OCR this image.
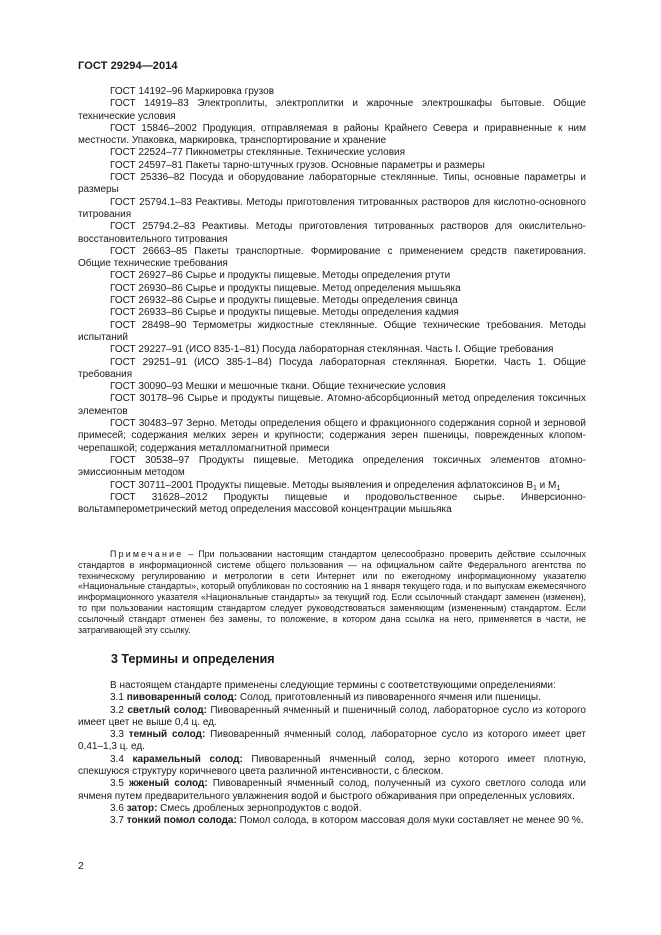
ГОСТ 29294—2014

ГОСТ 14192–96 Маркировка грузов

ГОСТ 14919–83 Электроплиты, электроплитки и жарочные электрошкафы бытовые. Общие технические условия

ГОСТ 15846–2002 Продукция, отправляемая в районы Крайнего Севера и приравненные к ним местности. Упаковка, маркировка, транспортирование и хранение

ГОСТ 22524–77 Пикнометры стеклянные. Технические условия

ГОСТ 24597–81 Пакеты тарно-штучных грузов. Основные параметры и размеры

ГОСТ 25336–82 Посуда и оборудование лабораторные стеклянные. Типы, основные параметры и размеры

ГОСТ 25794.1–83 Реактивы. Методы приготовления титрованных растворов для кислотно-основного титрования

ГОСТ 25794.2–83 Реактивы. Методы приготовления титрованных растворов для окислительно-восстановительного титрования

ГОСТ 26663–85 Пакеты транспортные. Формирование с применением средств пакетирования. Общие технические требования

ГОСТ 26927–86 Сырье и продукты пищевые. Методы определения ртути

ГОСТ 26930–86 Сырье и продукты пищевые. Метод определения мышьяка

ГОСТ 26932–86 Сырье и продукты пищевые. Методы определения свинца

ГОСТ 26933–86 Сырье и продукты пищевые. Методы определения кадмия

ГОСТ 28498–90 Термометры жидкостные стеклянные. Общие технические требования. Методы испытаний

ГОСТ 29227–91 (ИСО 835-1–81) Посуда лабораторная стеклянная. Часть I. Общие требования

ГОСТ 29251–91 (ИСО 385-1–84) Посуда лабораторная стеклянная. Бюретки. Часть 1. Общие требования

ГОСТ 30090–93 Мешки и мешочные ткани. Общие технические условия

ГОСТ 30178–96 Сырье и продукты пищевые. Атомно-абсорбционный метод определения токсичных элементов

ГОСТ 30483–97 Зерно. Методы определения общего и фракционного содержания сорной и зерновой примесей; содержания мелких зерен и крупности; содержания зерен пшеницы, поврежденных клопом-черепашкой; содержания металломагнитной примеси

ГОСТ 30538–97 Продукты пищевые. Методика определения токсичных элементов атомно-эмиссионным методом

ГОСТ 30711–2001 Продукты пищевые. Методы выявления и определения афлатоксинов $B_1$ и $M_1$

ГОСТ 31628–2012 Продукты пищевые и продовольственное сырье. Инверсионно-вольтамперометрический метод определения массовой концентрации мышьяка

Примечание – При пользовании настоящим стандартом целесообразно проверить действие ссылочных стандартов в информационной системе общего пользования — на официальном сайте Федерального агентства по техническому регулированию и метрологии в сети Интернет или по ежегодному информационному указателю «Национальные стандарты», который опубликован по состоянию на 1 января текущего года, и по выпускам ежемесячного информационного указателя «Национальные стандарты» за текущий год. Если ссылочный стандарт заменен (изменен), то при пользовании настоящим стандартом следует руководствоваться заменяющим (измененным) стандартом. Если ссылочный стандарт отменен без замены, то положение, в котором дана ссылка на него, применяется в части, не затрагивающей эту ссылку.

3 Термины и определения

В настоящем стандарте применены следующие термины с соответствующими определениями:

3.1 пивоваренный солод: Солод, приготовленный из пивоваренного ячменя или пшеницы.

3.2 светлый солод: Пивоваренный ячменный и пшеничный солод, лабораторное сусло из которого имеет цвет не выше 0,4 ц. ед.

3.3 темный солод: Пивоваренный ячменный солод, лабораторное сусло из которого имеет цвет 0,41–1,3 ц. ед.

3.4 карамельный солод: Пивоваренный ячменный солод, зерно которого имеет плотную, спекшуюся структуру коричневого цвета различной интенсивности, с блеском.

3.5 жженый солод: Пивоваренный ячменный солод, полученный из сухого светлого солода или ячменя путем предварительного увлажнения водой и быстрого обжаривания при определенных условиях.

3.6 затор: Смесь дробленых зернопродуктов с водой.

3.7 тонкий помол солода: Помол солода, в котором массовая доля муки составляет не менее 90 %.

2
